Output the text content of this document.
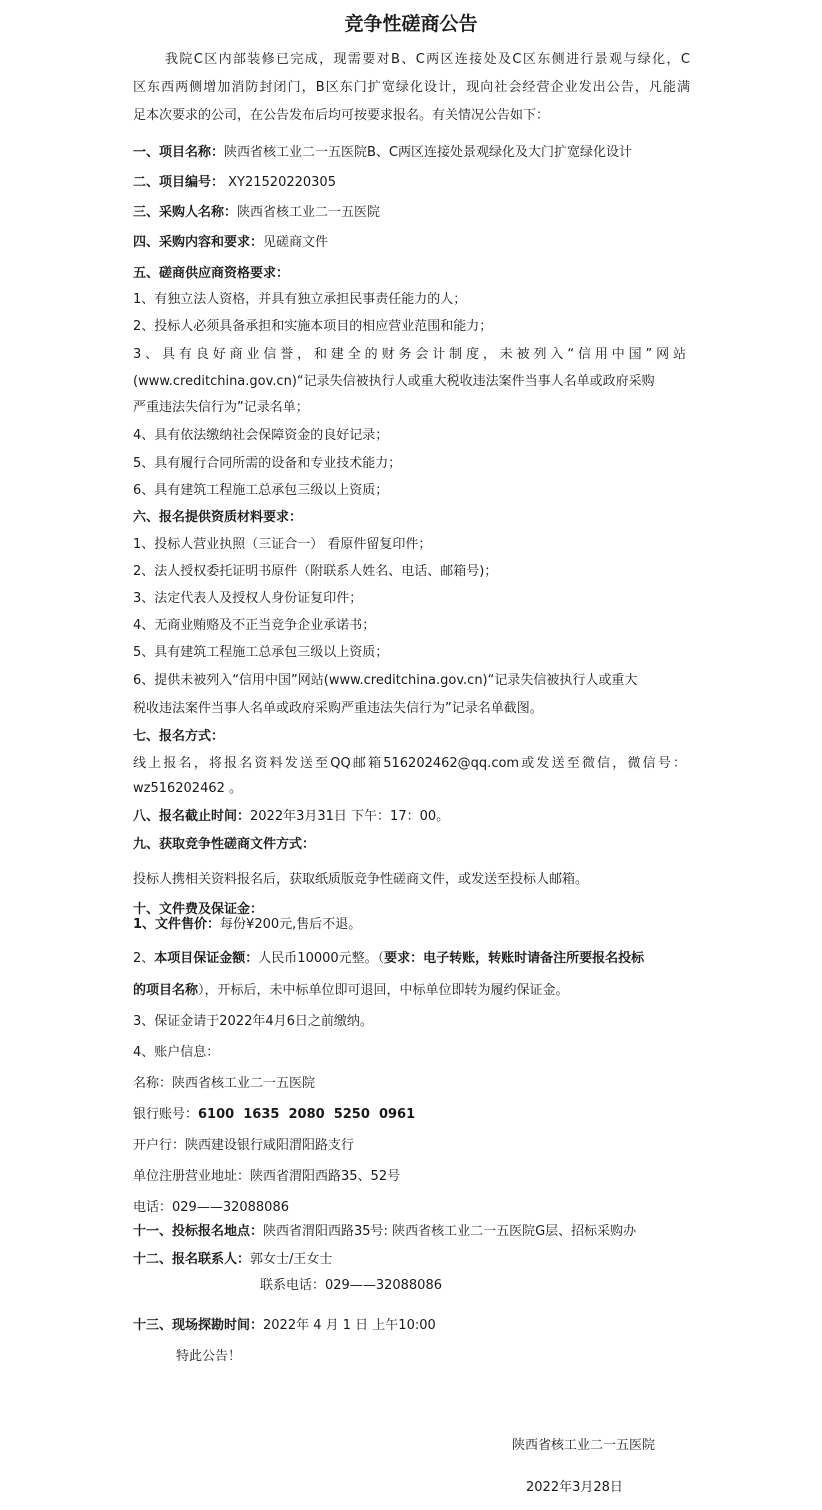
竞争性磋商公告
我院C区内部装修已完成，现需要对B、C两区连接处及C区东侧进行景观与绿化，C
区东西两侧增加消防封闭门，B区东门扩宽绿化设计，现向社会经营企业发出公告，凡能满
足本次要求的公司，在公告发布后均可按要求报名。有关情况公告如下：
一、项目名称：陕西省核工业二一五医院B、C两区连接处景观绿化及大门扩宽绿化设计
二、项目编号： XY21520220305
三、采购人名称：陕西省核工业二一五医院
四、采购内容和要求：见磋商文件
五、磋商供应商资格要求：
1、有独立法人资格，并具有独立承担民事责任能力的人；
2、投标人必须具备承担和实施本项目的相应营业范围和能力；
3、具有良好商业信誉，和建全的财务会计制度，未被列入“信用中国”网站
(www.creditchina.gov.cn)“记录失信被执行人或重大税收违法案件当事人名单或政府采购
严重违法失信行为”记录名单；
4、具有依法缴纳社会保障资金的良好记录；
5、具有履行合同所需的设备和专业技术能力；
6、具有建筑工程施工总承包三级以上资质；
六、报名提供资质材料要求：
1、投标人营业执照（三证合一） 看原件留复印件；
2、法人授权委托证明书原件（附联系人姓名、电话、邮箱号)；
3、法定代表人及授权人身份证复印件；
4、无商业贿赂及不正当竞争企业承诺书；
5、具有建筑工程施工总承包三级以上资质；
6、提供未被列入“信用中国”网站(www.creditchina.gov.cn)“记录失信被执行人或重大
税收违法案件当事人名单或政府采购严重违法失信行为”记录名单截图。
七、报名方式：
线上报名，将报名资料发送至QQ邮箱516202462@qq.com或发送至微信，微信号：
wz516202462 。
八、报名截止时间：2022年3月31日 下午：17：00。
九、获取竞争性磋商文件方式：
投标人携相关资料报名后，获取纸质版竞争性磋商文件，或发送至投标人邮箱。
十、文件费及保证金：
1、文件售价：每份¥200元,售后不退。
2、本项目保证金额：人民币10000元整。（要求：电子转账，转账时请备注所要报名投标
的项目名称），开标后，未中标单位即可退回，中标单位即转为履约保证金。
3、保证金请于2022年4月6日之前缴纳。
4、账户信息：
名称：陕西省核工业二一五医院
银行账号：6100  1635  2080  5250  0961
开户行：陕西建设银行咸阳渭阳路支行
单位注册营业地址：陕西省渭阳西路35、52号
电话：029——32088086
十一、投标报名地点：陕西省渭阳西路35号: 陕西省核工业二一五医院G层、招标采购办
十二、报名联系人：郭女士/王女士
联系电话：029——32088086
十三、现场探勘时间：2022年 4 月 1 日 上午10:00
特此公告！
陕西省核工业二一五医院
2022年3月28日
